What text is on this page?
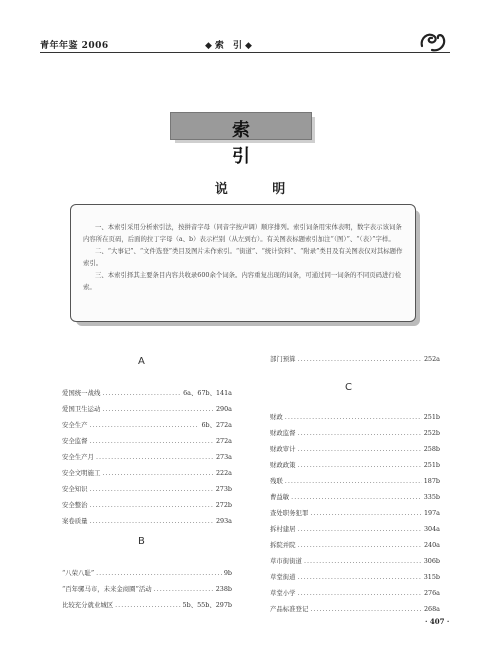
青年年鉴 2006	◆索 引◆
索 引
说 明

一、本索引采用分析索引法，按拼音字母（同音字按声调）顺序排列。索引词条用宋体表明，数字表示该词条内容所在页码，后面的拉丁字母（a、b）表示栏别（从左到右）。有关图表标题索引加注“（图）”、“（表）”字样。

二、“大事记”、“文件选登”类目及图片未作索引。“街道”、“统计资料”、“附录”类目及有关图表仅对其标题作索引。

三、本索引择其主要条目内容共收录600余个词条。内容重复出现的词条，可通过同一词条的不同页码进行检索。

A
爱国统一战线 .....	6a、67b、141a
爱国卫生运动 .....	290a
安全生产 .....	6b、272a
安全监督 .....	272a
安全生产月 .....	273a
安全文明施工 .....	222a
安全知识 .....	273b
安全整治 .....	272b
案卷质量 .....	293a
B
“八荣八耻” .....	9b
“百年骡马市，未来金商圈”活动 .....	238b
比较充分就业城区 .....	5b、55b、297b
部门预算 .....	252a
C
财政 .....	251b
财政监督 .....	252b
财政审计 .....	258b
财政政策 .....	251b
残联 .....	187b
曹益敏 .....	335b
查处职务犯罪 .....	197a
拆村建居 .....	304a
拆院并院 .....	240a
草市街街道 .....	306b
草堂街道 .....	315b
草堂小学 .....	276a
产品标准登记 .....	268a
· 407 ·
